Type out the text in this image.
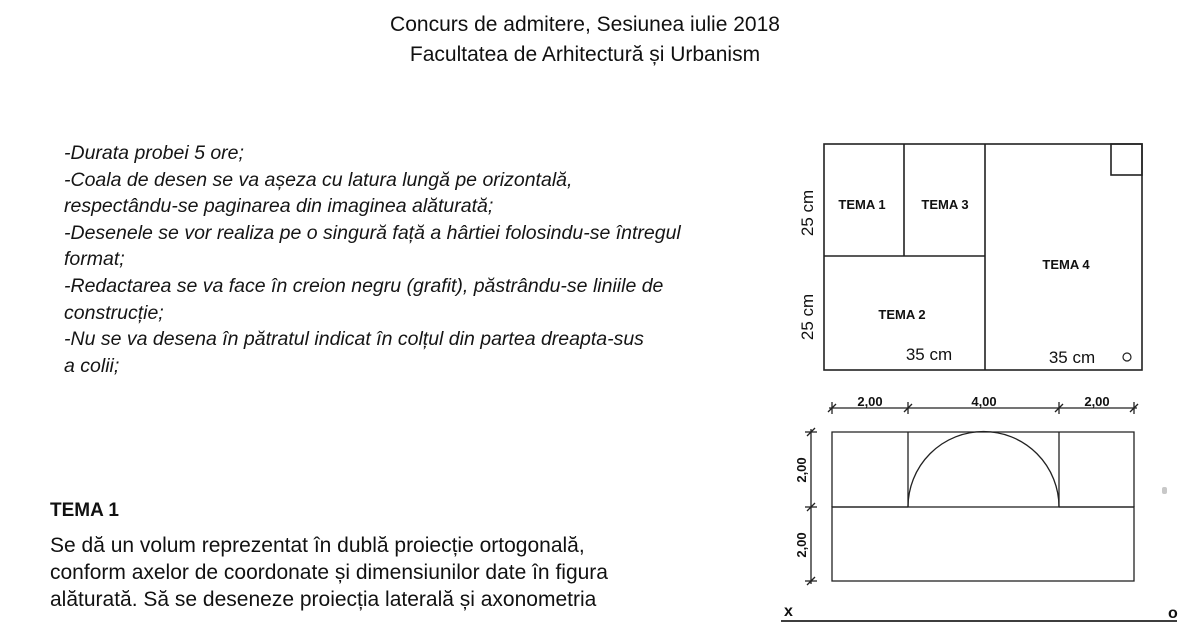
Concurs de admitere, Sesiunea iulie 2018
Facultatea de Arhitectură și Urbanism
-Durata probei 5 ore;
-Coala de desen se va așeza cu latura lungă pe orizontală,
respectându-se paginarea din imaginea alăturată;
-Desenele se vor realiza pe o singură față a hârtiei folosindu-se întregul
format;
-Redactarea se va face în creion negru (grafit), păstrându-se liniile de
construcție;
-Nu se va desena în pătratul indicat în colțul din partea dreapta-sus
a colii;
TEMA 1
Se dă un volum reprezentat în dublă proiecție ortogonală,
conform axelor de coordonate și dimensiunilor date în figura
alăturată. Să se deseneze proiecția laterală și axonometria
TEMA 1	TEMA 3
TEMA 2
TEMA 4
25 cm
25 cm
35 cm	35 cm
2,00	4,00	2,00
2,00
2,00
x	o
